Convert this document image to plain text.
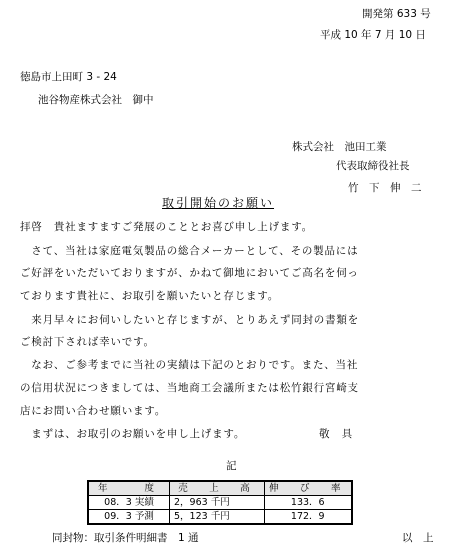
開発第 633 号
平成 10 年 7 月 10 日
徳島市上田町 3 - 24
池谷物産株式会社　御中
株式会社　池田工業
代表取締役社長
竹　下　伸　二
取引開始のお願い
拝啓　貴社ますますご発展のこととお喜び申し上げます。
　さて、当社は家庭電気製品の総合メーカーとして、その製品には
ご好評をいただいておりますが、かねて御地においてご高名を伺っ
ております貴社に、お取引を願いたいと存じます。
　来月早々にお伺いしたいと存じますが、とりあえず同封の書類を
ご検討下されば幸いです。
　なお、ご参考までに当社の実績は下記のとおりです。また、当社
の信用状況につきましては、当地商工会議所または松竹銀行宮崎支
店にお問い合わせ願います。
　まずは、お取引のお願いを申し上げます。　　　　　　　敬　具
記
年　　度	売　上　高	伸　び　率
08．3 実績	2，963 千円	133．6
09．3 予測	5，123 千円	172．9
同封物：取引条件明細書　1 通	以　上
